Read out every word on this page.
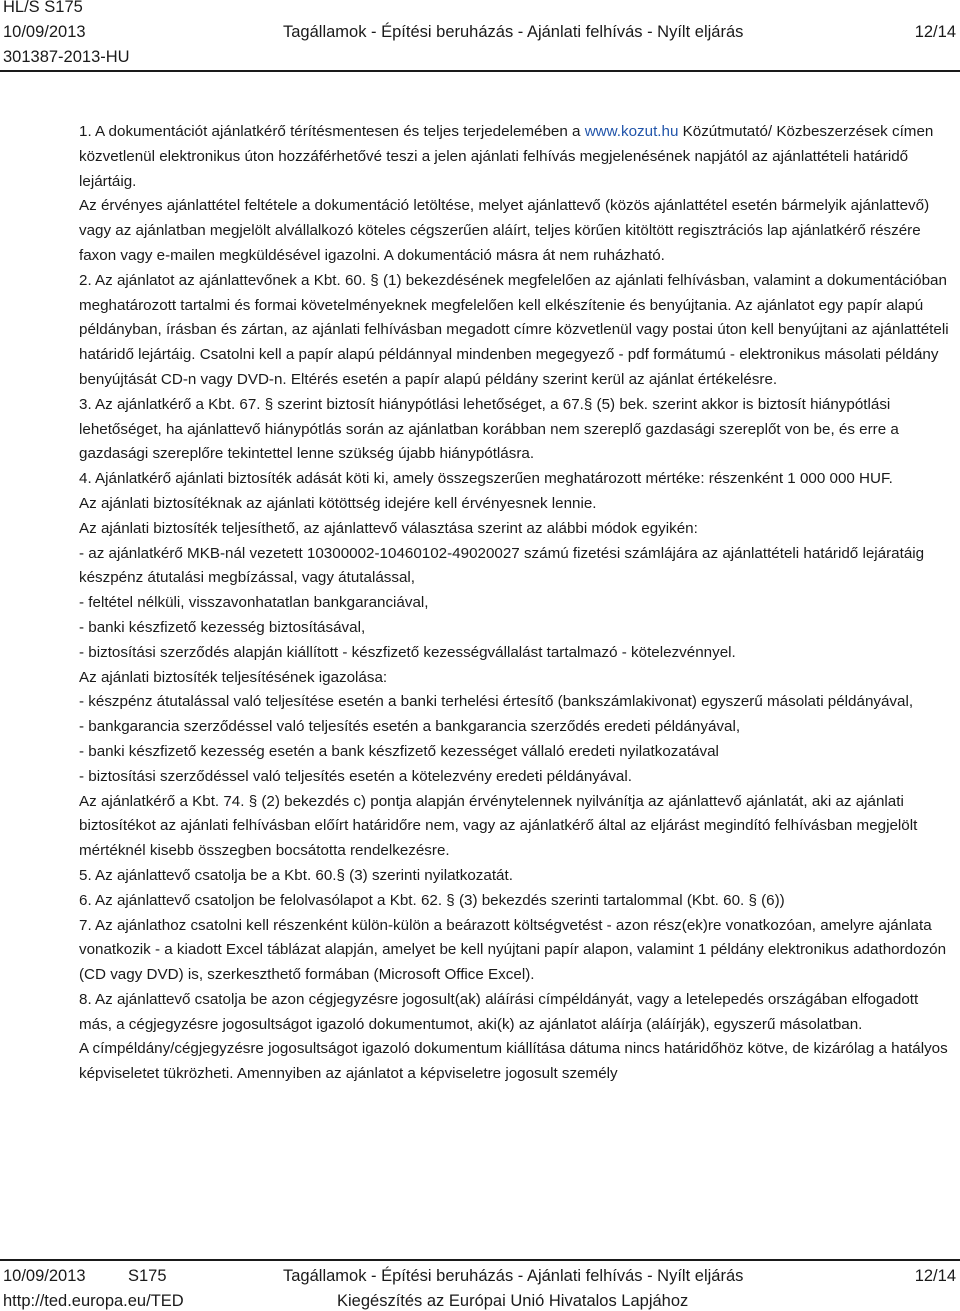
HL/S S175
10/09/2013	Tagállamok - Építési beruházás - Ajánlati felhívás - Nyílt eljárás	12/14
301387-2013-HU

1. A dokumentációt ajánlatkérő térítésmentesen és teljes terjedelemében a www.kozut.hu Közútmutató/ Közbeszerzések címen közvetlenül elektronikus úton hozzáférhetővé teszi a jelen ajánlati felhívás megjelenésének napjától az ajánlattételi határidő lejártáig.

Az érvényes ajánlattétel feltétele a dokumentáció letöltése, melyet ajánlattevő (közös ajánlattétel esetén bármelyik ajánlattevő) vagy az ajánlatban megjelölt alvállalkozó köteles cégszerűen aláírt, teljes körűen kitöltött regisztrációs lap ajánlatkérő részére faxon vagy e-mailen megküldésével igazolni. A dokumentáció másra át nem ruházható.

2. Az ajánlatot az ajánlattevőnek a Kbt. 60. § (1) bekezdésének megfelelően az ajánlati felhívásban, valamint a dokumentációban meghatározott tartalmi és formai követelményeknek megfelelően kell elkészítenie és benyújtania. Az ajánlatot egy papír alapú példányban, írásban és zártan, az ajánlati felhívásban megadott címre közvetlenül vagy postai úton kell benyújtani az ajánlattételi határidő lejártáig. Csatolni kell a papír alapú példánnyal mindenben megegyező - pdf formátumú - elektronikus másolati példány benyújtását CD-n vagy DVD-n. Eltérés esetén a papír alapú példány szerint kerül az ajánlat értékelésre.

3. Az ajánlatkérő a Kbt. 67. § szerint biztosít hiánypótlási lehetőséget, a 67.§ (5) bek. szerint akkor is biztosít hiánypótlási lehetőséget, ha ajánlattevő hiánypótlás során az ajánlatban korábban nem szereplő gazdasági szereplőt von be, és erre a gazdasági szereplőre tekintettel lenne szükség újabb hiánypótlásra.

4. Ajánlatkérő ajánlati biztosíték adását köti ki, amely összegszerűen meghatározott mértéke: részenként 1 000 000 HUF.

Az ajánlati biztosítéknak az ajánlati kötöttség idejére kell érvényesnek lennie.

Az ajánlati biztosíték teljesíthető, az ajánlattevő választása szerint az alábbi módok egyikén:

- az ajánlatkérő MKB-nál vezetett 10300002-10460102-49020027 számú fizetési számlájára az ajánlattételi határidő lejáratáig készpénz átutalási megbízással, vagy átutalással,

- feltétel nélküli, visszavonhatatlan bankgaranciával,

- banki készfizető kezesség biztosításával,

- biztosítási szerződés alapján kiállított - készfizető kezességvállalást tartalmazó - kötelezvénnyel.

Az ajánlati biztosíték teljesítésének igazolása:

- készpénz átutalással való teljesítése esetén a banki terhelési értesítő (bankszámlakivonat) egyszerű másolati példányával,

- bankgarancia szerződéssel való teljesítés esetén a bankgarancia szerződés eredeti példányával,

- banki készfizető kezesség esetén a bank készfizető kezességet vállaló eredeti nyilatkozatával

- biztosítási szerződéssel való teljesítés esetén a kötelezvény eredeti példányával.

Az ajánlatkérő a Kbt. 74. § (2) bekezdés c) pontja alapján érvénytelennek nyilvánítja az ajánlattevő ajánlatát, aki az ajánlati biztosítékot az ajánlati felhívásban előírt határidőre nem, vagy az ajánlatkérő által az eljárást megindító felhívásban megjelölt mértéknél kisebb összegben bocsátotta rendelkezésre.

5. Az ajánlattevő csatolja be a Kbt. 60.§ (3) szerinti nyilatkozatát.

6. Az ajánlattevő csatoljon be felolvasólapot a Kbt. 62. § (3) bekezdés szerinti tartalommal (Kbt. 60. § (6))

7. Az ajánlathoz csatolni kell részenként külön-külön a beárazott költségvetést - azon rész(ek)re vonatkozóan, amelyre ajánlata vonatkozik - a kiadott Excel táblázat alapján, amelyet be kell nyújtani papír alapon, valamint 1 példány elektronikus adathordozón (CD vagy DVD) is, szerkeszthető formában (Microsoft Office Excel).

8. Az ajánlattevő csatolja be azon cégjegyzésre jogosult(ak) aláírási címpéldányát, vagy a letelepedés országában elfogadott más, a cégjegyzésre jogosultságot igazoló dokumentumot, aki(k) az ajánlatot aláírja (aláírják), egyszerű másolatban.

A címpéldány/cégjegyzésre jogosultságot igazoló dokumentum kiállítása dátuma nincs határidőhöz kötve, de kizárólag a hatályos képviseletet tükrözheti. Amennyiben az ajánlatot a képviseletre jogosult személy

10/09/2013	S175	Tagállamok - Építési beruházás - Ajánlati felhívás - Nyílt eljárás	12/14
http://ted.europa.eu/TED	Kiegészítés az Európai Unió Hivatalos Lapjához
